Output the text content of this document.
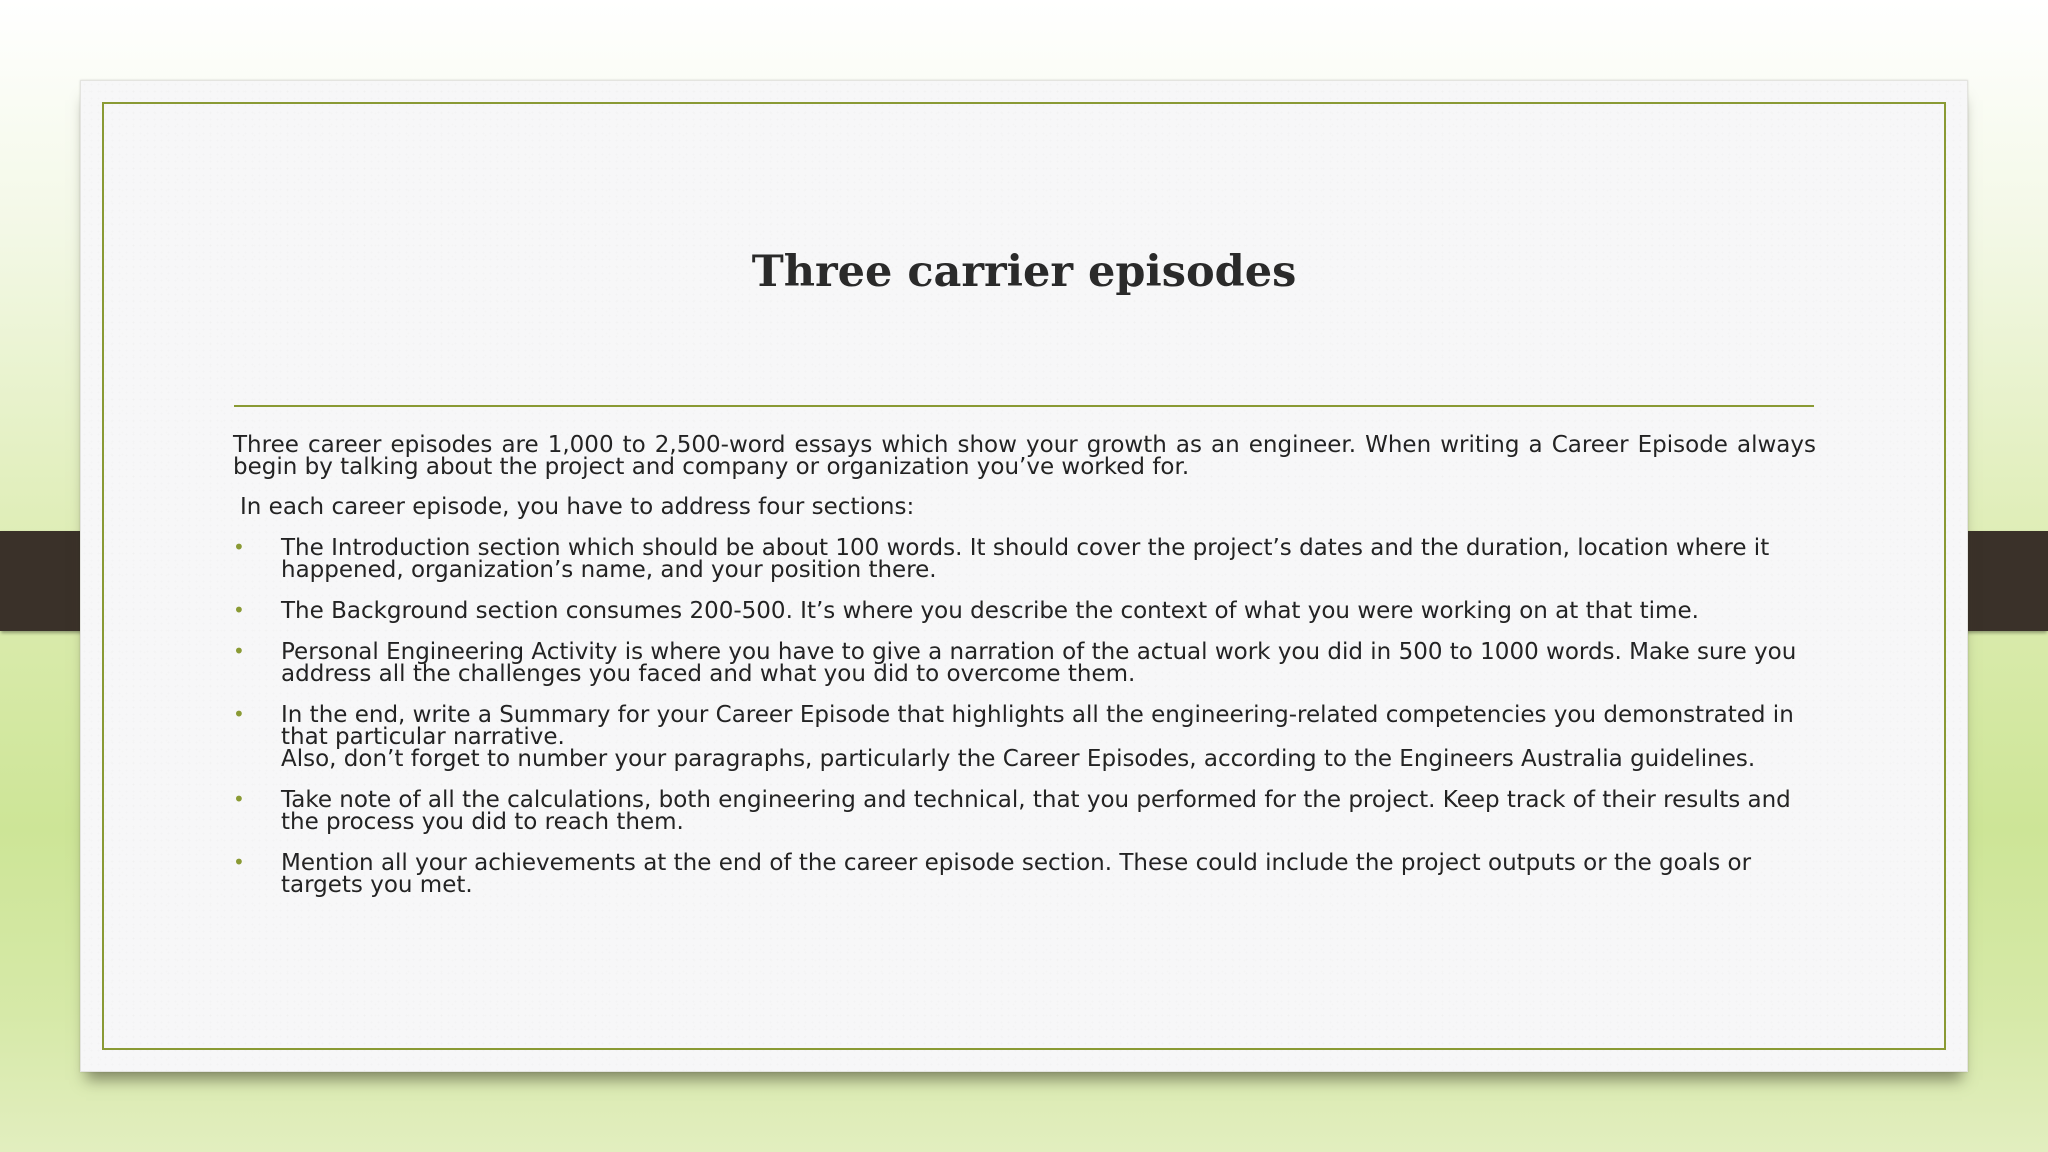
Three carrier episodes

Three career episodes are 1,000 to 2,500-word essays which show your growth as an engineer. When writing a Career Episode always begin by talking about the project and company or organization you’ve worked for.

In each career episode, you have to address four sections:

• The Introduction section which should be about 100 words. It should cover the project’s dates and the duration, location where it happened, organization’s name, and your position there.
• The Background section consumes 200-500. It’s where you describe the context of what you were working on at that time.
• Personal Engineering Activity is where you have to give a narration of the actual work you did in 500 to 1000 words. Make sure you address all the challenges you faced and what you did to overcome them.
• In the end, write a Summary for your Career Episode that highlights all the engineering-related competencies you demonstrated in that particular narrative.
Also, don’t forget to number your paragraphs, particularly the Career Episodes, according to the Engineers Australia guidelines.
• Take note of all the calculations, both engineering and technical, that you performed for the project. Keep track of their results and the process you did to reach them.
• Mention all your achievements at the end of the career episode section. These could include the project outputs or the goals or targets you met.
